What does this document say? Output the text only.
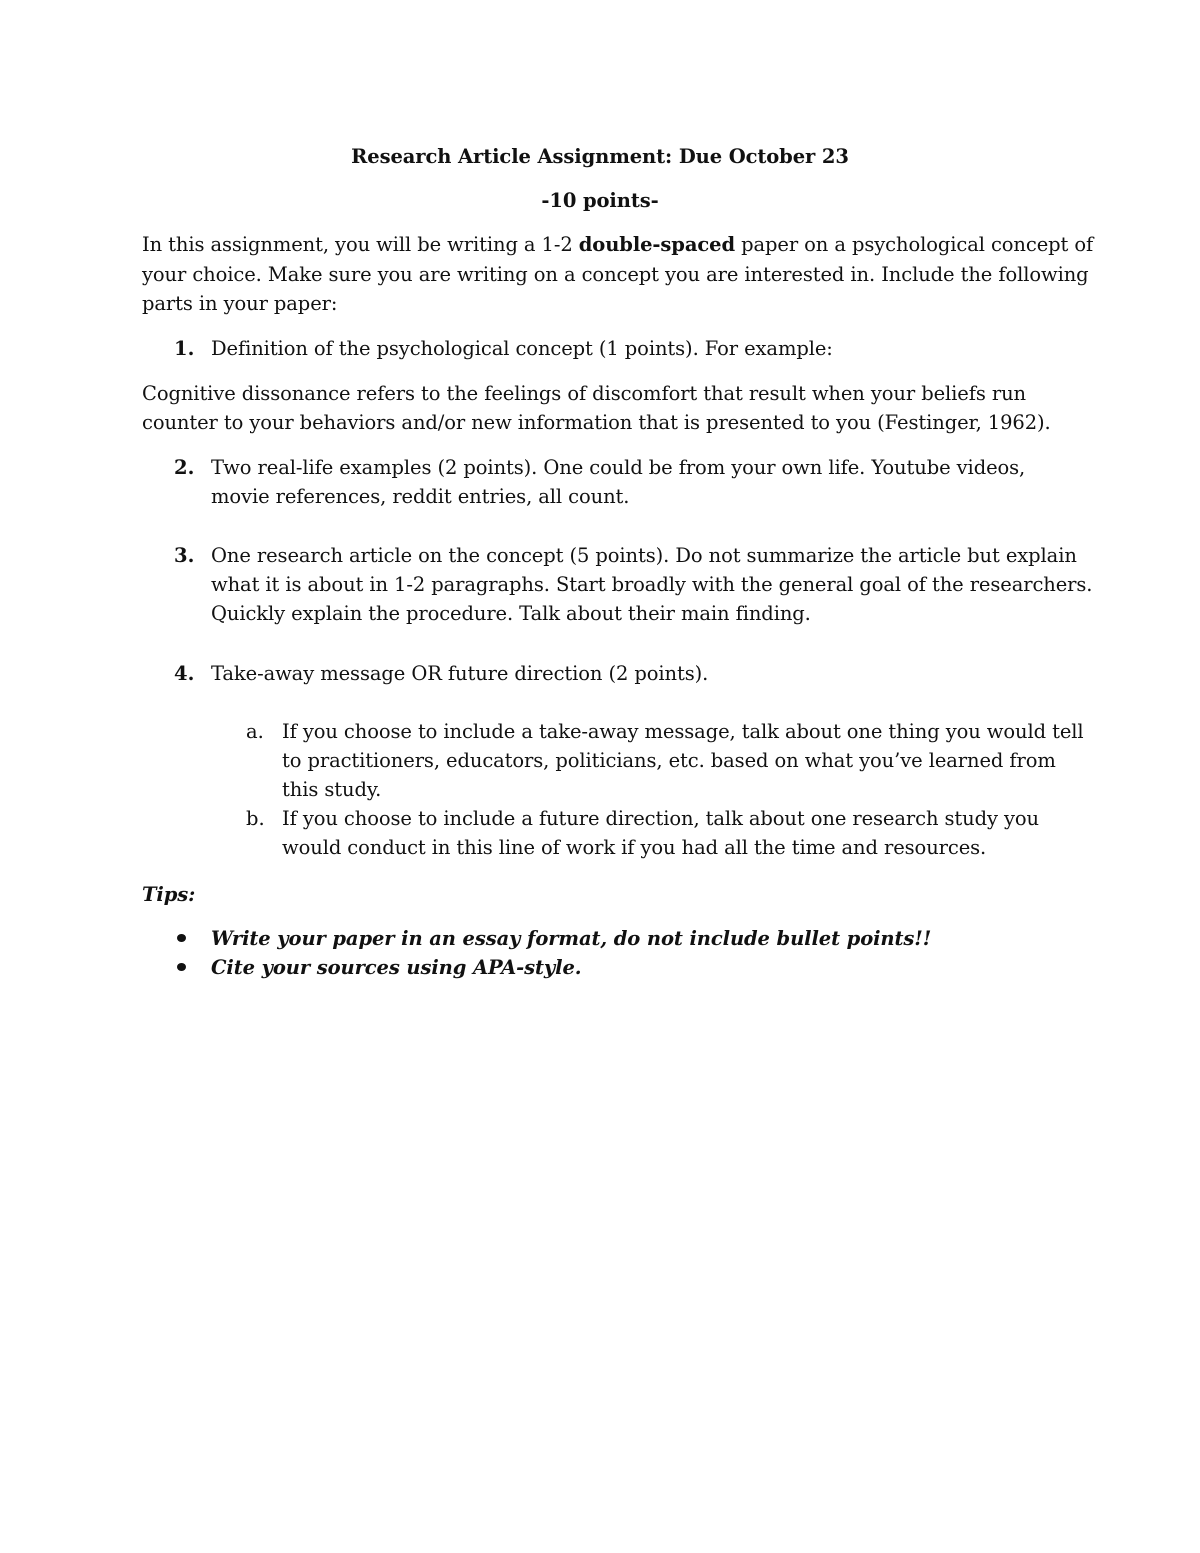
Research Article Assignment: Due October 23
-10 points-
In this assignment, you will be writing a 1-2 double-spaced paper on a psychological concept of
your choice. Make sure you are writing on a concept you are interested in. Include the following
parts in your paper:
1. Definition of the psychological concept (1 points). For example:
Cognitive dissonance refers to the feelings of discomfort that result when your beliefs run
counter to your behaviors and/or new information that is presented to you (Festinger, 1962).
2. Two real-life examples (2 points). One could be from your own life. Youtube videos,
movie references, reddit entries, all count.
3. One research article on the concept (5 points). Do not summarize the article but explain
what it is about in 1-2 paragraphs. Start broadly with the general goal of the researchers.
Quickly explain the procedure. Talk about their main finding.
4. Take-away message OR future direction (2 points).
a. If you choose to include a take-away message, talk about one thing you would tell
to practitioners, educators, politicians, etc. based on what you’ve learned from
this study.
b. If you choose to include a future direction, talk about one research study you
would conduct in this line of work if you had all the time and resources.
Tips:
Write your paper in an essay format, do not include bullet points!!
Cite your sources using APA-style.
